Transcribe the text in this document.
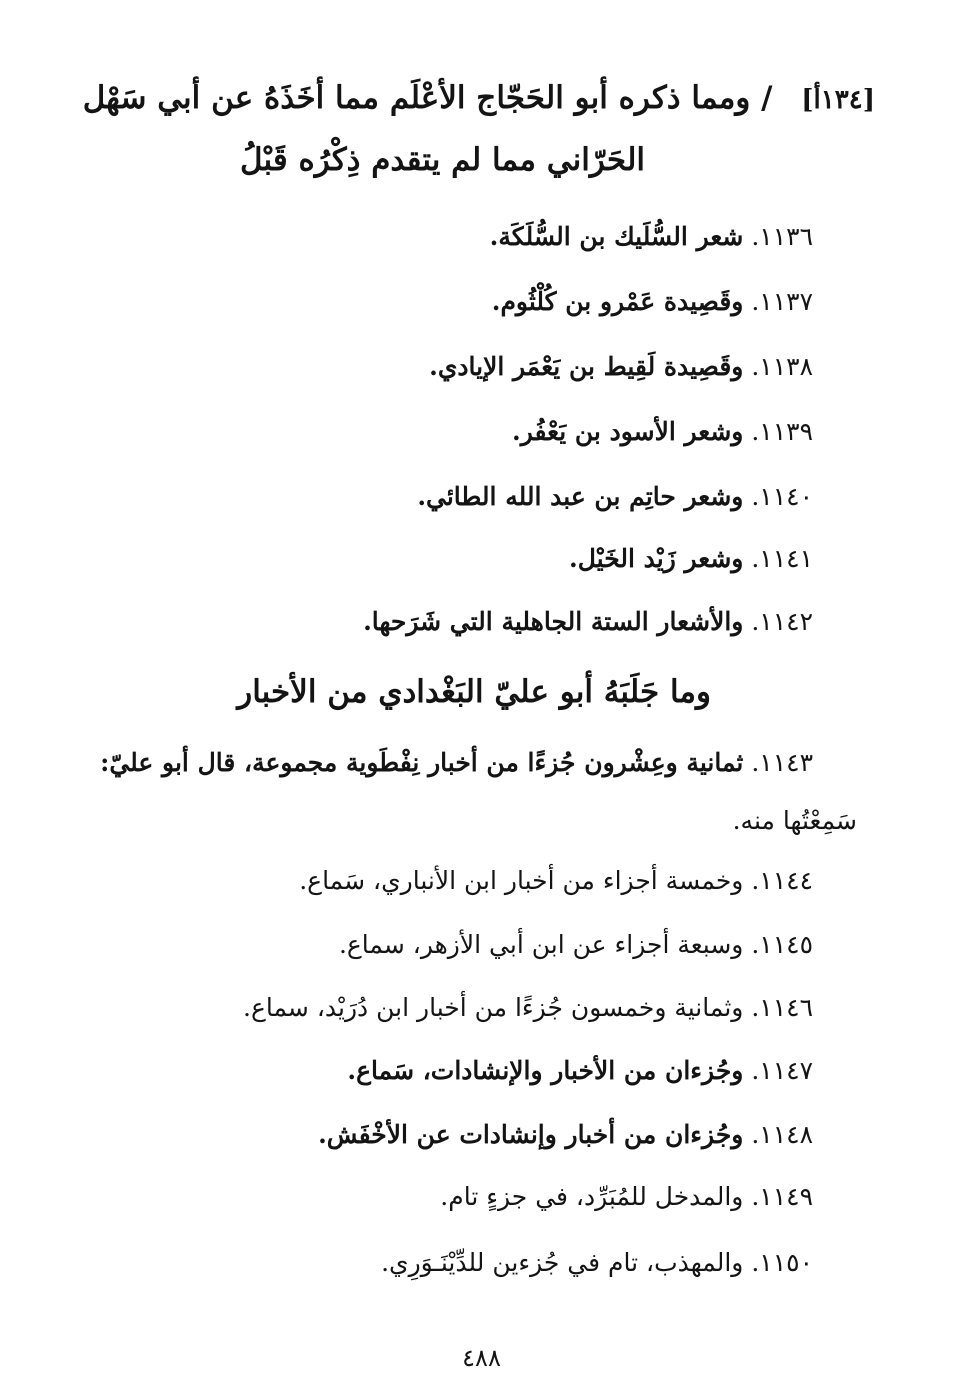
[١٣٤أ] / ومما ذكره أبو الحَجّاج الأعْلَم مما أخَذَهُ عن أبي سَهْل
الحَرّاني مما لم يتقدم ذِكْرُه قَبْلُ
١١٣٦. شعر السُّلَيك بن السُّلَكَة.
١١٣٧. وقَصِيدة عَمْرو بن كُلْثُوم.
١١٣٨. وقَصِيدة لَقِيط بن يَعْمَر الإيادي.
١١٣٩. وشعر الأسود بن يَعْفُر.
١١٤٠. وشعر حاتِم بن عبد الله الطائي.
١١٤١. وشعر زَيْد الخَيْل.
١١٤٢. والأشعار الستة الجاهلية التي شَرَحها.
وما جَلَبَهُ أبو عليّ البَغْدادي من الأخبار
١١٤٣. ثمانية وعِشْرون جُزءًا من أخبار نِفْطَوية مجموعة، قال أبو عليّ:
سَمِعْتُها منه.
١١٤٤. وخمسة أجزاء من أخبار ابن الأنباري، سَماع.
١١٤٥. وسبعة أجزاء عن ابن أبي الأزهر، سماع.
١١٤٦. وثمانية وخمسون جُزءًا من أخبار ابن دُرَيْد، سماع.
١١٤٧. وجُزءان من الأخبار والإنشادات، سَماع.
١١٤٨. وجُزءان من أخبار وإنشادات عن الأخْفَش.
١١٤٩. والمدخل للمُبَرِّد، في جزءٍ تام.
١١٥٠. والمهذب، تام في جُزءين للدِّيْنَـوَرِي.
٤٨٨
